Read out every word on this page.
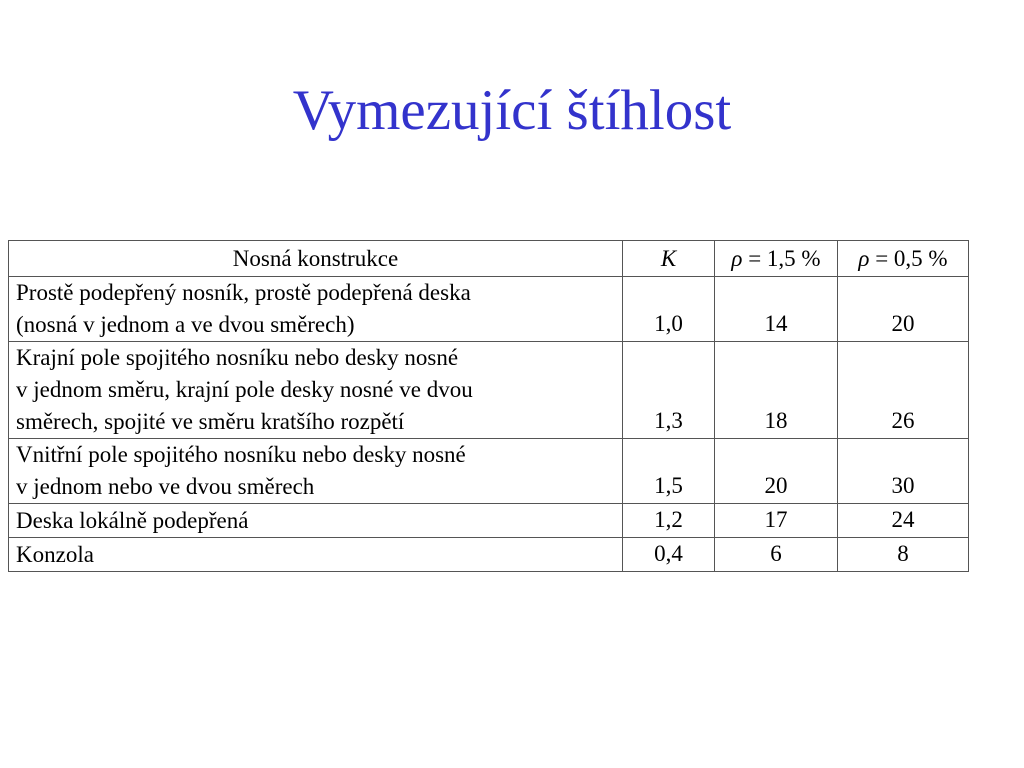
Vymezující štíhlost
Nosná konstrukce	K	ρ = 1,5 %	ρ = 0,5 %

Prostě podepřený nosník, prostě podepřená deska
(nosná v jednom a ve dvou směrech)	1,0	14	20

Krajní pole spojitého nosníku nebo desky nosné
v jednom směru, krajní pole desky nosné ve dvou
směrech, spojité ve směru kratšího rozpětí	1,3	18	26

Vnitřní pole spojitého nosníku nebo desky nosné
v jednom nebo ve dvou směrech	1,5	20	30

Deska lokálně podepřená	1,2	17	24

Konzola	0,4	6	8
